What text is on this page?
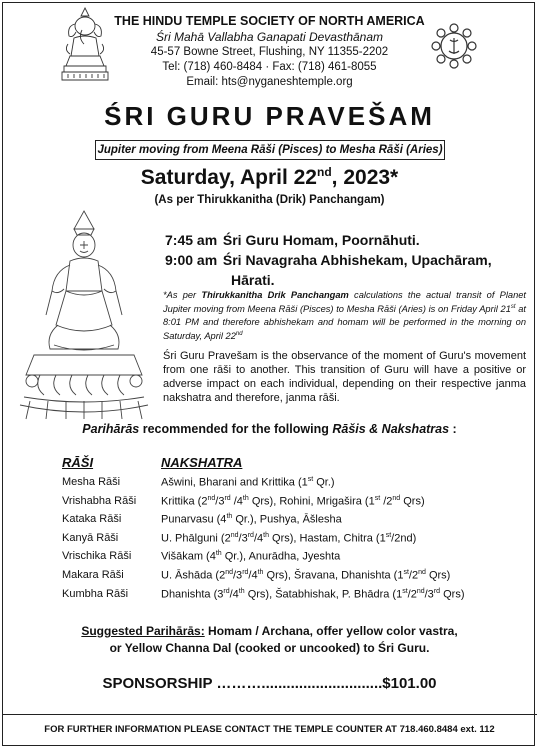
THE HINDU TEMPLE SOCIETY OF NORTH AMERICA
Śri Mahā Vallabha Ganapati Devasthānam
45-57 Bowne Street, Flushing, NY 11355-2202
Tel: (718) 460-8484 · Fax: (718) 461-8055
Email: hts@nyganeshtemple.org
ŚRI GURU PRAVEŠAM
Jupiter moving from Meena Rāši (Pisces) to Mesha Rāši (Aries)
Saturday, April 22nd, 2023*
(As per Thirukkanitha (Drik) Panchangam)
7:45 am Śri Guru Homam, Poornāhuti.
9:00 am Śri Navagraha Abhishekam, Upachāram,
Hārati.
*As per Thirukkanitha Drik Panchangam calculations the actual transit of Planet Jupiter moving from Meena Rāši (Pisces) to Mesha Rāši (Aries) is on Friday April 21st at 8:01 PM and therefore abhishekam and homam will be performed in the morning on Saturday, April 22nd
Śri Guru Pravešam is the observance of the moment of Guru's movement from one rāši to another. This transition of Guru will have a positive or adverse impact on each individual, depending on their respective janma nakshatra and therefore, janma rāši.
Parihārās recommended for the following Rāšis & Nakshatras :
RĀŠI	NAKSHATRA
Mesha Rāši	Ašwini, Bharani and Krittika (1st Qr.)
Vrishabha Rāši Krittika (2nd/3rd /4th Qrs), Rohini, Mrigašira (1st /2nd Qrs)
Kataka Rāši	Punarvasu (4th Qr.), Pushya, Āšlesha
Kanyā Rāši	U. Phālguni (2nd/3rd/4th Qrs), Hastam, Chitra (1st/2nd)
Vrischika Rāši	Višākam (4th Qr.), Anurādha, Jyeshta
Makara Rāši	U. Āshāda (2nd/3rd/4th Qrs), Šravana, Dhanishta (1st/2nd Qrs)
Kumbha Rāši	Dhanishta (3rd/4th Qrs), Šatabhishak, P. Bhādra (1st/2nd/3rd Qrs)
Suggested Parihārās: Homam / Archana, offer yellow color vastra,
or Yellow Channa Dal (cooked or uncooked) to Śri Guru.
SPONSORSHIP ……….............................$101.00
FOR FURTHER INFORMATION PLEASE CONTACT THE TEMPLE COUNTER AT 718.460.8484 ext. 112
